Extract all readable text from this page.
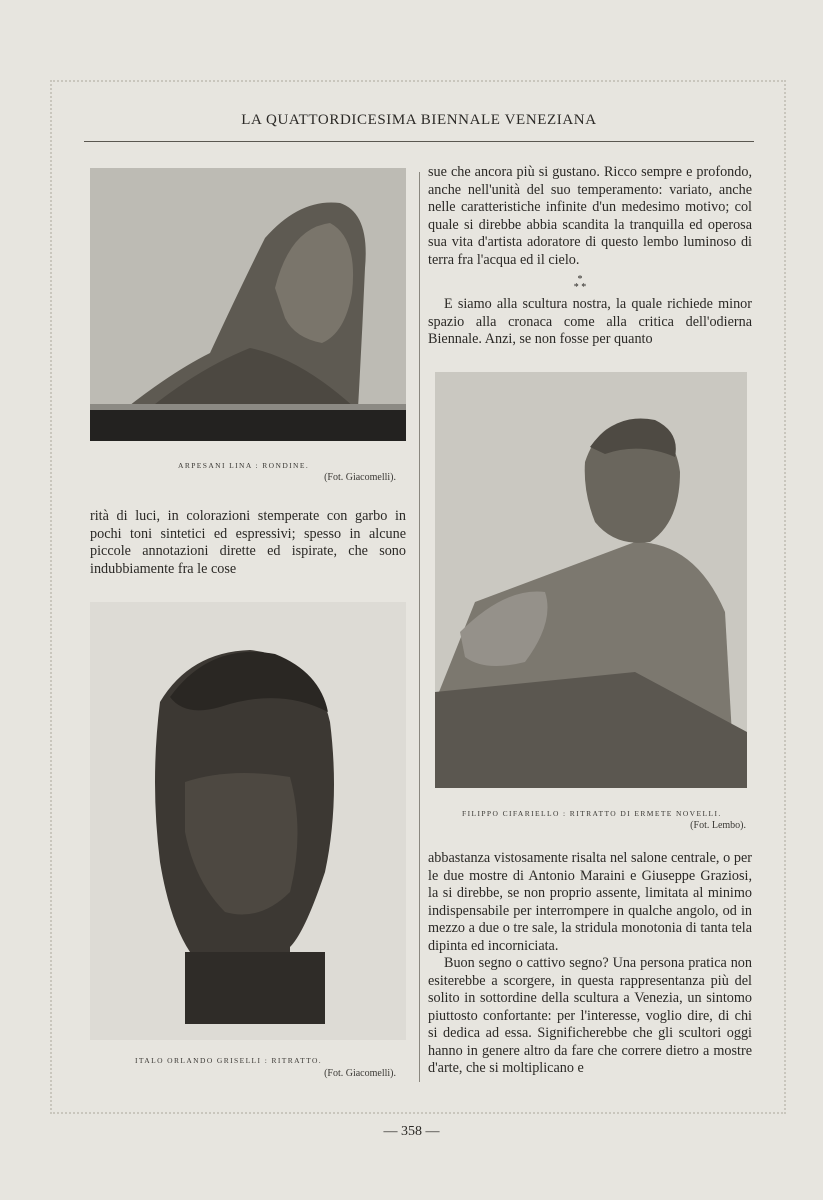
LA QUATTORDICESIMA BIENNALE VENEZIANA
ARPESANI LINA : RONDINE.
(Fot. Giacomelli).
FILIPPO CIFARIELLO : RITRATTO DI ERMETE NOVELLI.
(Fot. Lembo).
ITALO ORLANDO GRISELLI : RITRATTO.
(Fot. Giacomelli).

sue che ancora più si gustano. Ricco sempre e profondo, anche nell'unità del suo temperamento: variato, anche nelle caratteristiche infinite d'un medesimo motivo; col quale si direbbe abbia scandita la tranquilla ed operosa sua vita d'artista adoratore di questo lembo luminoso di terra fra l'acqua ed il cielo.

*
* *

E siamo alla scultura nostra, la quale richiede minor spazio alla cronaca come alla critica dell'odierna Biennale. Anzi, se non fosse per quanto

rità di luci, in colorazioni stemperate con garbo in pochi toni sintetici ed espressivi; spesso in alcune piccole annotazioni dirette ed ispirate, che sono indubbiamente fra le cose

abbastanza vistosamente risalta nel salone centrale, o per le due mostre di Antonio Maraini e Giuseppe Graziosi, la si direbbe, se non proprio assente, limitata al minimo indispensabile per interrompere in qualche angolo, od in mezzo a due o tre sale, la stridula monotonia di tanta tela dipinta ed incorniciata.

Buon segno o cattivo segno? Una persona pratica non esiterebbe a scorgere, in questa rappresentanza più del solito in sottordine della scultura a Venezia, un sintomo piuttosto confortante: per l'interesse, voglio dire, di chi si dedica ad essa. Significherebbe che gli scultori oggi hanno in genere altro da fare che correre dietro a mostre d'arte, che si moltiplicano e

— 358 —
